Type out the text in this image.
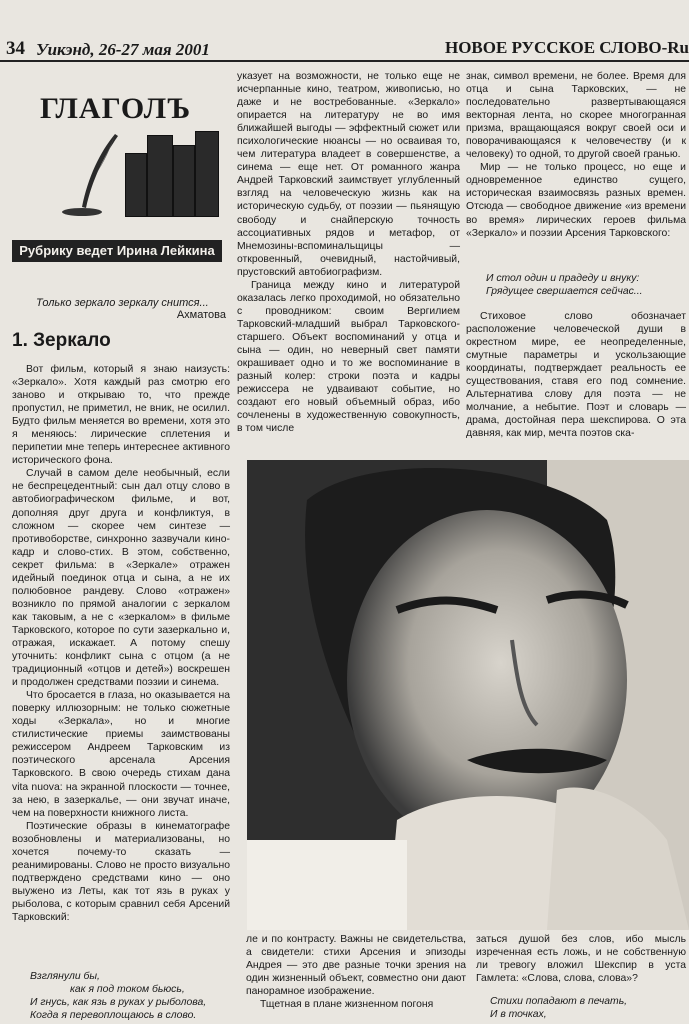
34 Уикэнд, 26-27 мая 2001	НОВОЕ РУССКОЕ СЛОВО-Ru
ГЛАГОЛЪ
Рубрику ведет Ирина Лейкина
Только зеркало зеркалу снится...
Ахматова
1. Зеркало

Вот фильм, который я знаю наизусть: «Зеркало». Хотя каждый раз смотрю его заново и открываю то, что прежде пропустил, не приметил, не вник, не осилил. Будто фильм меняется во времени, хотя это я меняюсь: лирические сплетения и перипетии мне теперь интереснее активного исторического фона.

Случай в самом деле необычный, если не беспрецедентный: сын дал отцу слово в автобиографическом фильме, и вот, дополняя друг друга и конфликтуя, в сложном — скорее чем синтезе — противоборстве, синхронно зазвучали кино-кадр и слово-стих. В этом, собственно, секрет фильма: в «Зеркале» отражен идейный поединок отца и сына, а не их полюбовное рандеву. Слово «отражен» возникло по прямой аналогии с зеркалом как таковым, а не с «зеркалом» в фильме Тарковского, которое по сути зазеркально и, отражая, искажает. А потому спешу уточнить: конфликт сына с отцом (а не традиционный «отцов и детей») воскрешен и продолжен средствами поэзии и синема.

Что бросается в глаза, но оказывается на поверку иллюзорным: не только сюжетные ходы «Зеркала», но и многие стилистические приемы заимствованы режиссером Андреем Тарковским из поэтического арсенала Арсения Тарковского. В свою очередь стихам дана vita nuova: на экранной плоскости — точнее, за нею, в зазеркалье, — они звучат иначе, чем на поверхности книжного листа.

Поэтические образы в кинематографе возобновлены и материализованы, но хочется почему-то сказать — реанимированы. Слово не просто визуально подтверждено средствами кино — оно выужено из Леты, как тот язь в руках у рыболова, с которым сравнил себя Арсений Тарковский:

Взглянули бы,
как я под током бьюсь,
И гнусь, как язь в руках у рыболова,
Когда я перевоплощаюсь в слово.

указует на возможности, не только еще не исчерпанные кино, театром, живописью, но даже и не востребованные. «Зеркало» опирается на литературу не во имя ближайшей выгоды — эффектный сюжет или психологические нюансы — но осваивая то, чем литература владеет в совершенстве, а синема — еще нет. От романного жанра Андрей Тарковский заимствует углубленный взгляд на человеческую жизнь как на историческую судьбу, от поэзии — пьянящую свободу и снайперскую точность ассоциативных рядов и метафор, от Мнемозины-вспоминальщицы — откровенный, очевидный, настойчивый, прустовский автобиографизм.

Граница между кино и литературой оказалась легко проходимой, но обязательно с проводником: своим Вергилием Тарковский-младший выбрал Тарковского-старшего. Объект воспоминаний у отца и сына — один, но неверный свет памяти окрашивает одно и то же воспоминание в разный колер: строки поэта и кадры режиссера не удваивают событие, но создают его новый объемный образ, ибо сочленены в художественную совокупность, в том числе

знак, символ времени, не более. Время для отца и сына Тарковских, — не последовательно развертывающаяся векторная лента, но скорее многогранная призма, вращающаяся вокруг своей оси и поворачивающаяся к человечеству (и к человеку) то одной, то другой своей гранью.

Мир — не только процесс, но еще и одновременное единство сущего, историческая взаимосвязь разных времен. Отсюда — свободное движение «из времени во время» лирических героев фильма «Зеркало» и поэзии Арсения Тарковского:

И стол один и прадеду и внуку:
Грядущее свершается сейчас...

Стиховое слово обозначает расположение человеческой души в окрестном мире, ее неопределенные, смутные параметры и ускользающие координаты, подтверждает реальность ее существования, ставя его под сомнение. Альтернатива слову для поэта — не молчание, а небытие. Поэт и словарь — драма, достойная пера шекспирова. О эта давняя, как мир, мечта поэтов ска-

ле и по контрасту. Важны не свидетельства, а свидетели: стихи Арсения и эпизоды Андрея — это две разные точки зрения на один жизненный объект, совместно они дают панорамное изображение.

Тщетная в плане жизненном погоня

заться душой без слов, ибо мысль изреченная есть ложь, и не собственную ли тревогу вложил Шекспир в уста Гамлета: «Слова, слова, слова»?

Стихи попадают в печать,
И в точках,
